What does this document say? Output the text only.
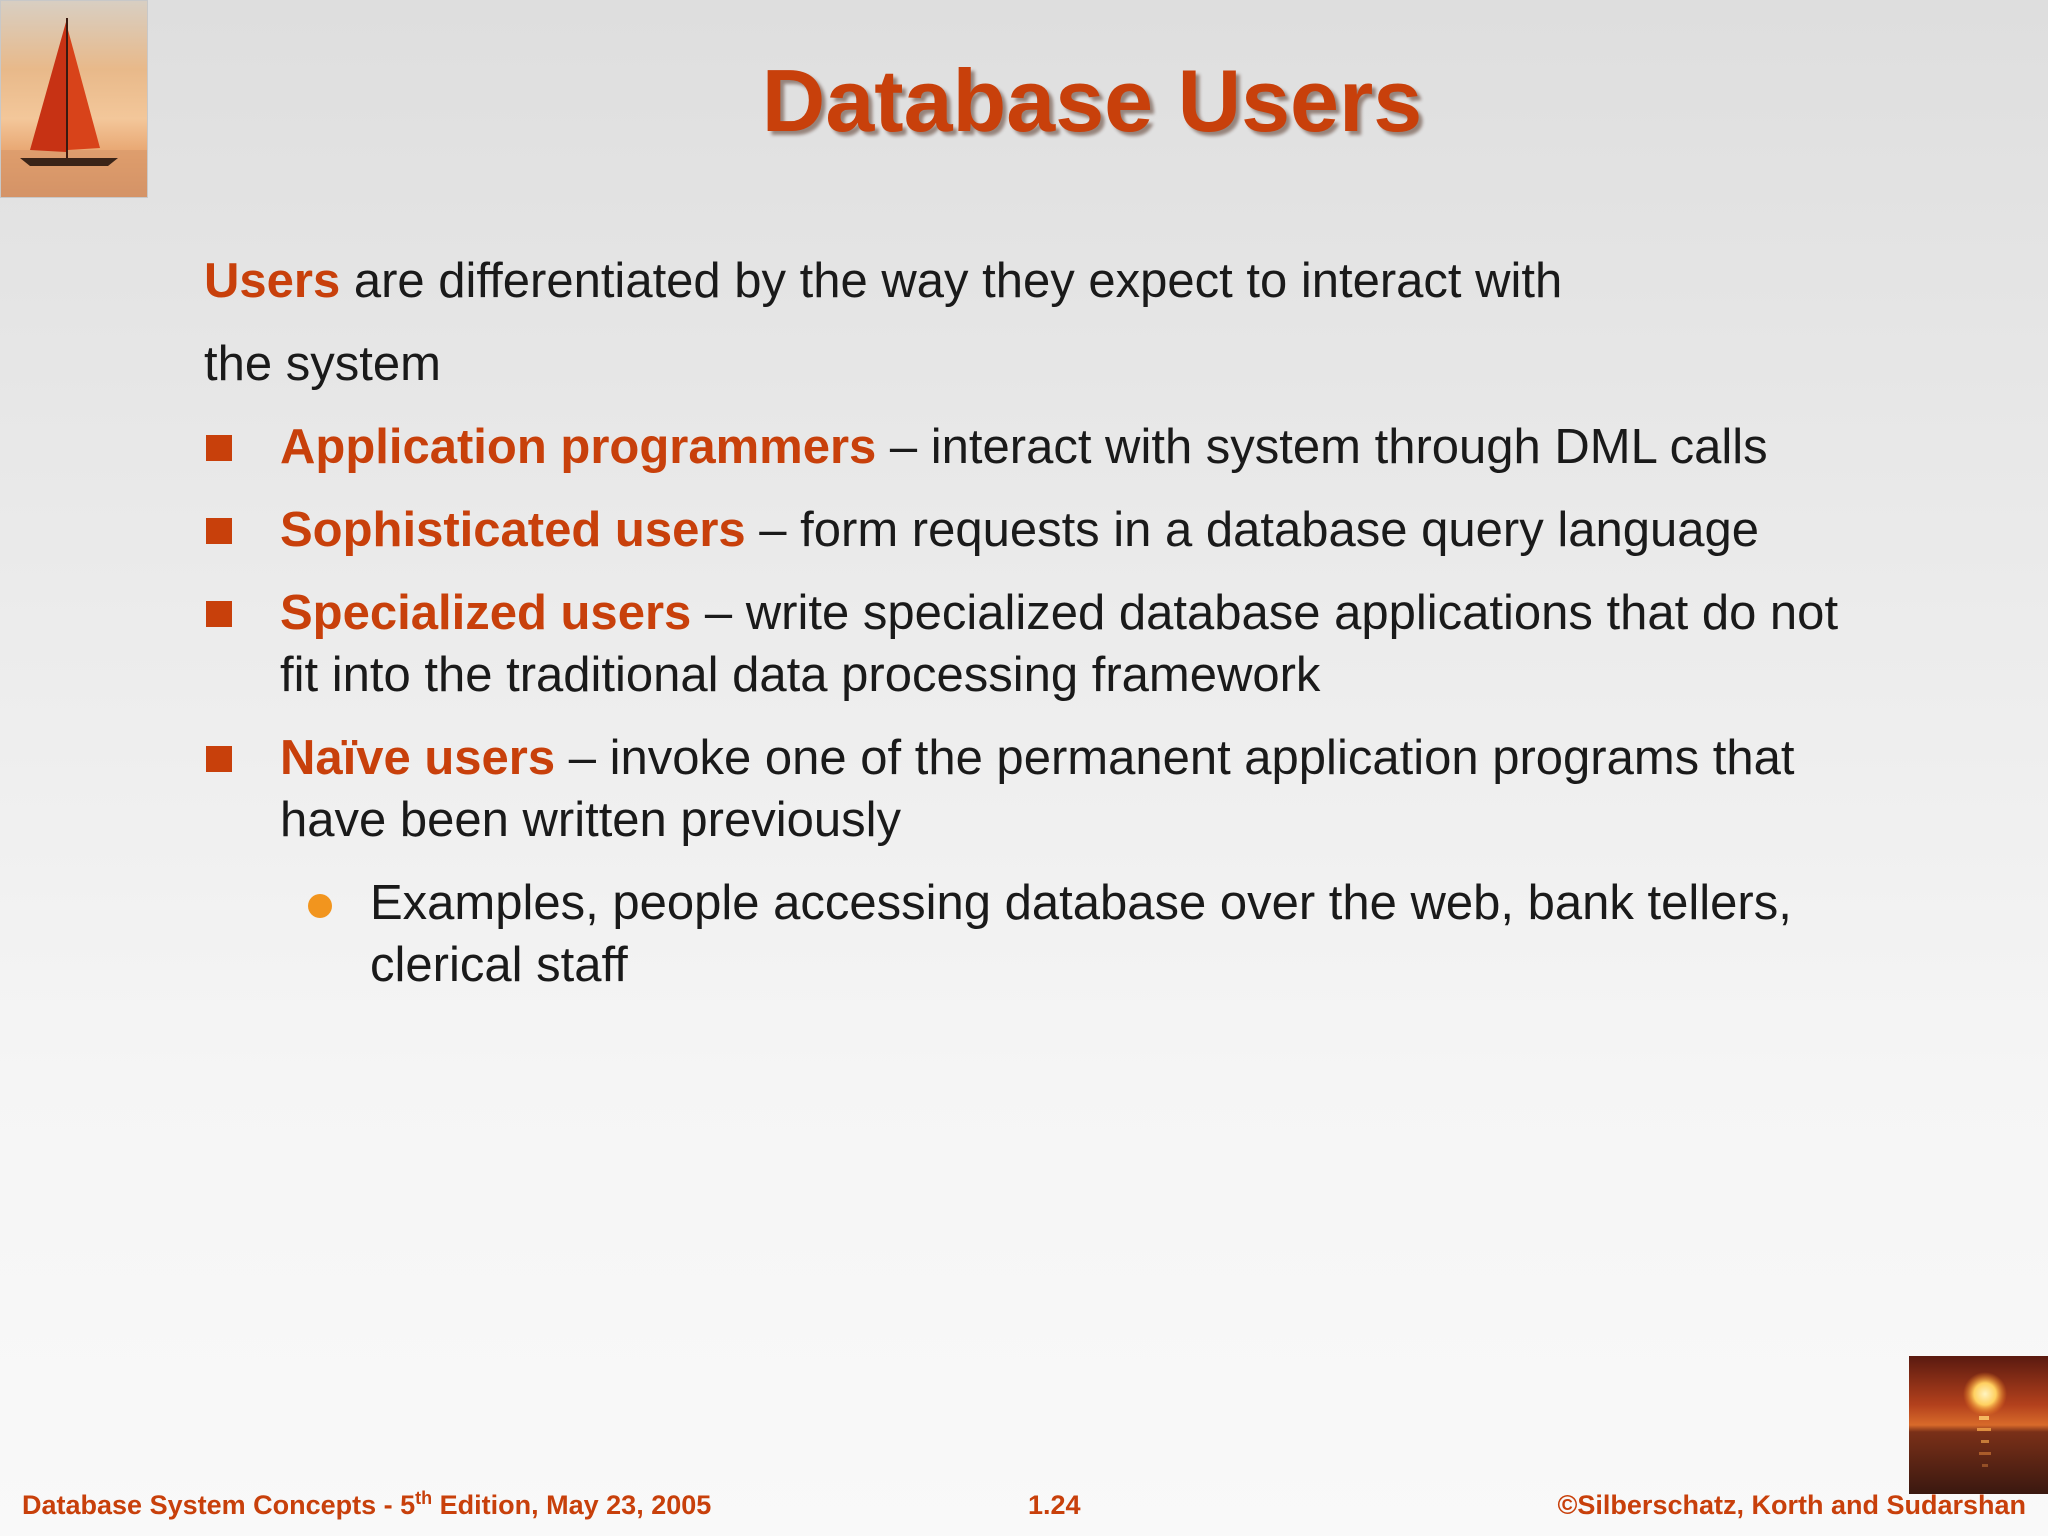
Database Users

Users are differentiated by the way they expect to interact with
the system

Application programmers – interact with system through DML calls
Sophisticated users – form requests in a database query language
Specialized users – write specialized database applications that do not fit into the traditional data processing framework
Naïve users – invoke one of the permanent application programs that have been written previously
Examples, people accessing database over the web, bank tellers, clerical staff
Database System Concepts - 5th Edition, May 23, 2005	1.24	©Silberschatz, Korth and Sudarshan
